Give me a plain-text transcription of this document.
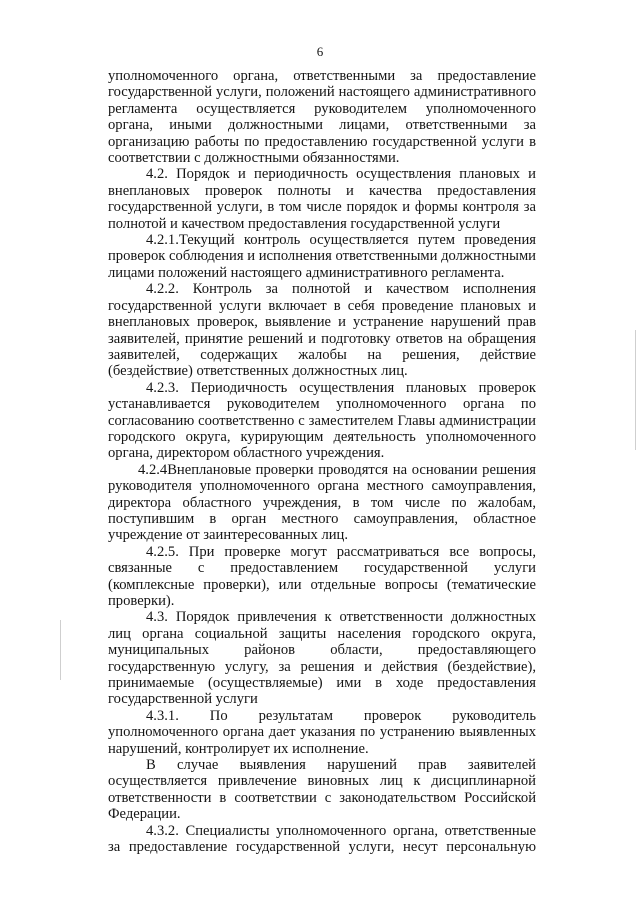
6

уполномоченного органа, ответственными за предоставление государственной услуги, положений настоящего административного регламента осуществляется руководителем уполномоченного органа, иными должностными лицами, ответственными за организацию работы по предоставлению государственной услуги в соответствии с должностными обязанностями.

4.2. Порядок и периодичность осуществления плановых и внеплановых проверок полноты и качества предоставления государственной услуги, в том числе порядок и формы контроля за полнотой и качеством предоставления государственной услуги

4.2.1.Текущий контроль осуществляется путем проведения проверок соблюдения и исполнения ответственными должностными лицами положений настоящего административного регламента.

4.2.2. Контроль за полнотой и качеством исполнения государственной услуги включает в себя проведение плановых и внеплановых проверок, выявление и устранение нарушений прав заявителей, принятие решений и подготовку ответов на обращения заявителей, содержащих жалобы на решения, действие (бездействие) ответственных должностных лиц.

4.2.3. Периодичность осуществления плановых проверок устанавливается руководителем уполномоченного органа по согласованию соответственно с заместителем Главы администрации городского округа, курирующим деятельность уполномоченного органа, директором областного учреждения.

4.2.4Внеплановые проверки проводятся на основании решения руководителя уполномоченного органа местного самоуправления, директора областного учреждения, в том числе по жалобам, поступившим в орган местного самоуправления, областное учреждение от заинтересованных лиц.

4.2.5. При проверке могут рассматриваться все вопросы, связанные с предоставлением государственной услуги (комплексные проверки), или отдельные вопросы (тематические проверки).

4.3. Порядок привлечения к ответственности должностных лиц органа социальной защиты населения городского округа, муниципальных районов области, предоставляющего государственную услугу, за решения и действия (бездействие), принимаемые (осуществляемые) ими в ходе предоставления государственной услуги

4.3.1. По результатам проверок руководитель уполномоченного органа дает указания по устранению выявленных нарушений, контролирует их исполнение.

В случае выявления нарушений прав заявителей осуществляется привлечение виновных лиц к дисциплинарной ответственности в соответствии с законодательством Российской Федерации.

4.3.2. Специалисты уполномоченного органа, ответственные за предоставление государственной услуги, несут персональную
